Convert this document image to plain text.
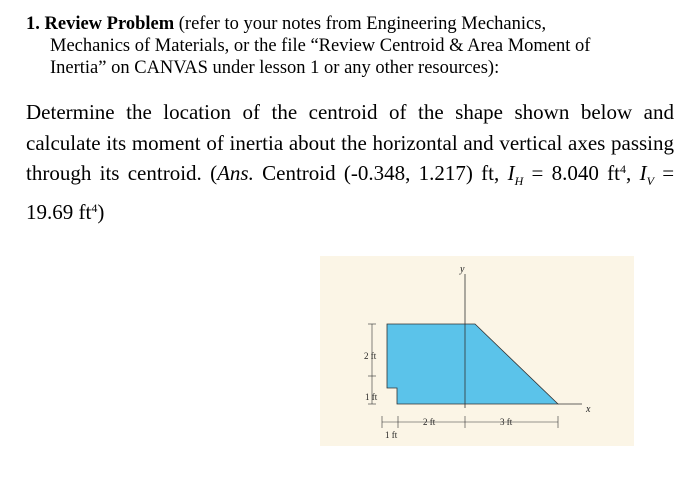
1. Review Problem (refer to your notes from Engineering Mechanics,
Mechanics of Materials, or the file “Review Centroid & Area Moment of
Inertia” on CANVAS under lesson 1 or any other resources):
Determine the location of the centroid of the shape shown below and calculate its moment of inertia about the horizontal and vertical axes passing through its centroid. (Ans. Centroid (-0.348, 1.217) ft, $I_H = 8.040$ $ft^4$, $I_V = 19.69$ $ft^4$)
y
x
2 ft
1 ft
2 ft	3 ft
1 ft
